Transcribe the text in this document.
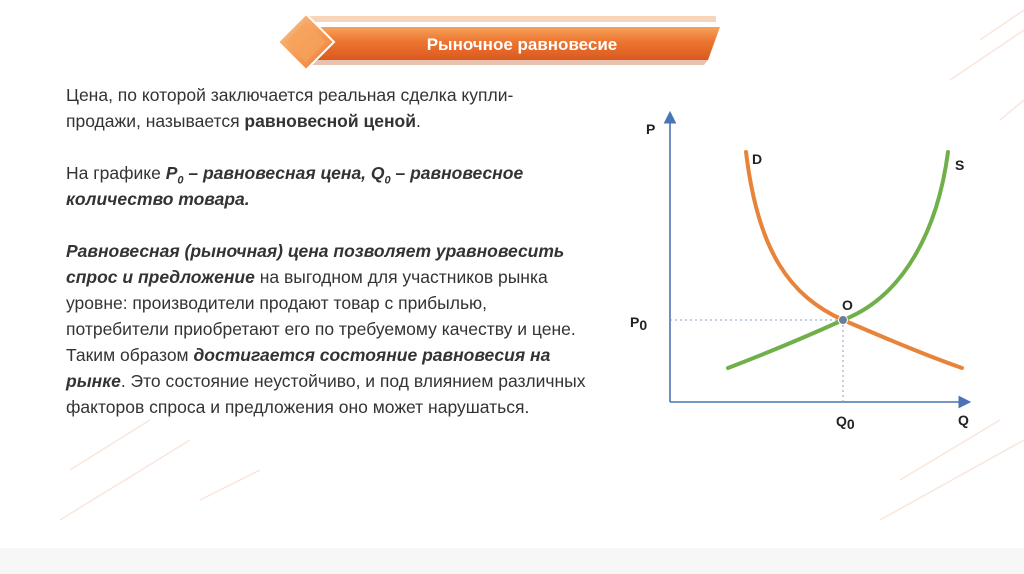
Рыночное равновесие

Цена, по которой заключается реальная сделка купли-продажи, называется равновесной ценой.

На графике $P_0$ – равновесная цена, $Q_0$ – равновесное количество товара.

Равновесная (рыночная) цена позволяет уравновесить спрос и предложение на выгодном для участников рынка уровне: производители продают товар с прибылью, потребители приобретают его по требуемому качеству и цене.

Таким образом достигается состояние равновесия на рынке. Это состояние неустойчиво, и под влиянием различных факторов спроса и предложения оно может нарушаться.

P
Q
D	S
O
P0
Q0
